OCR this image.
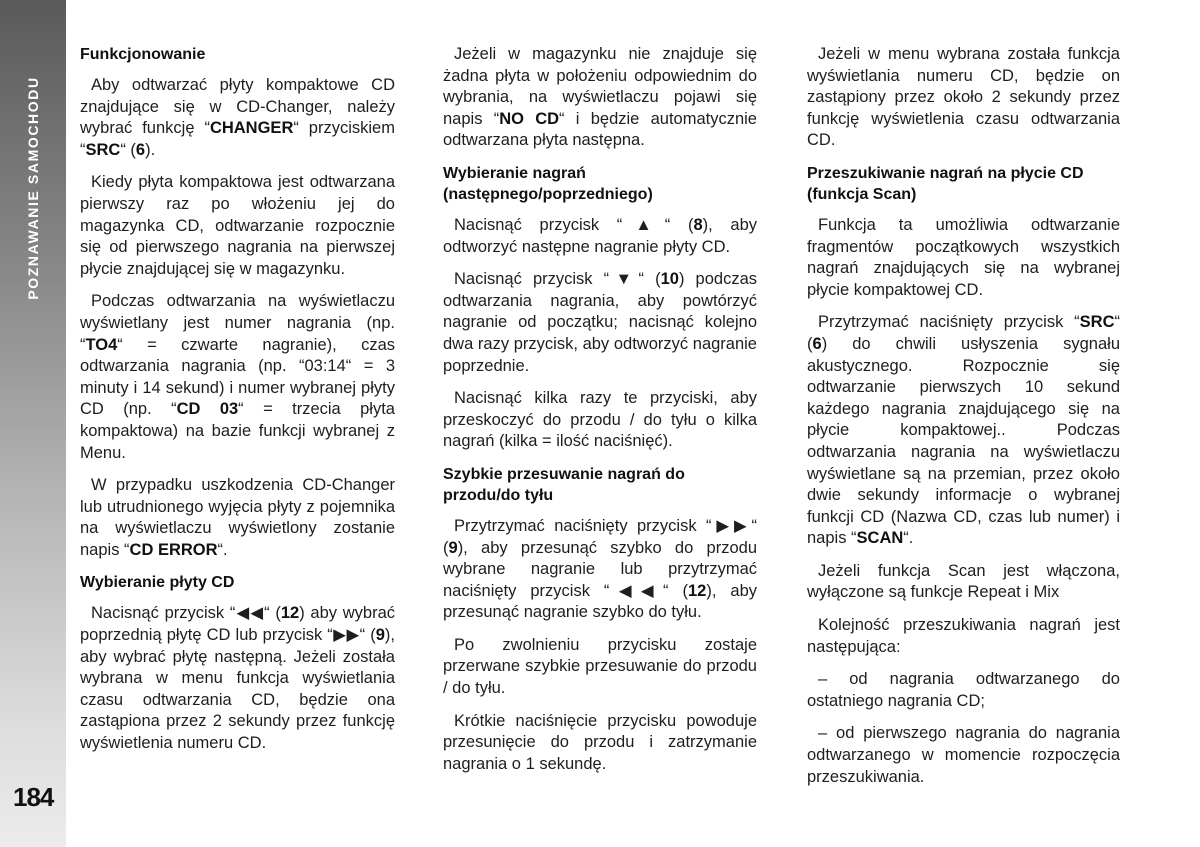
POZNAWANIE SAMOCHODU
184
Funkcjonowanie

Aby odtwarzać płyty kompaktowe CD znajdujące się w CD-Changer, należy wybrać funkcję “CHANGER“ przyciskiem “SRC“ (6).

Kiedy płyta kompaktowa jest odtwarzana pierwszy raz po włożeniu jej do magazynka CD, odtwarzanie rozpocznie się od pierwszego nagrania na pierwszej płycie znajdującej się w magazynku.

Podczas odtwarzania na wyświetlaczu wyświetlany jest numer nagrania (np. “TO4“ = czwarte nagranie), czas odtwarzania nagrania (np. “03:14“ = 3 minuty i 14 sekund) i numer wybranej płyty CD (np. “CD 03“ = trzecia płyta kompaktowa) na bazie funkcji wybranej z Menu.

W przypadku uszkodzenia CD-Changer lub utrudnionego wyjęcia płyty z pojemnika na wyświetlaczu wyświetlony zostanie napis “CD ERROR“.

Wybieranie płyty CD

Nacisnąć przycisk “◀◀“ (12) aby wybrać poprzednią płytę CD lub przycisk “▶▶“ (9), aby wybrać płytę następną. Jeżeli została wybrana w menu funkcja wyświetlania czasu odtwarzania CD, będzie ona zastąpiona przez 2 sekundy przez funkcję wyświetlenia numeru CD.

Jeżeli w magazynku nie znajduje się żadna płyta w położeniu odpowiednim do wybrania, na wyświetlaczu pojawi się napis “NO CD“ i będzie automatycznie odtwarzana płyta następna.

Wybieranie nagrań (następnego/poprzedniego)

Nacisnąć przycisk “▲“ (8), aby odtworzyć następne nagranie płyty CD.

Nacisnąć przycisk “▼“ (10) podczas odtwarzania nagrania, aby powtórzyć nagranie od początku; nacisnąć kolejno dwa razy przycisk, aby odtworzyć nagranie poprzednie.

Nacisnąć kilka razy te przyciski, aby przeskoczyć do przodu / do tyłu o kilka nagrań (kilka = ilość naciśnięć).

Szybkie przesuwanie nagrań do przodu/do tyłu

Przytrzymać naciśnięty przycisk “▶▶“ (9), aby przesunąć szybko do przodu wybrane nagranie lub przytrzymać naciśnięty przycisk “◀◀“ (12), aby przesunąć nagranie szybko do tyłu.

Po zwolnieniu przycisku zostaje przerwane szybkie przesuwanie do przodu / do tyłu.

Krótkie naciśnięcie przycisku powoduje przesunięcie do przodu i zatrzymanie nagrania o 1 sekundę.

Jeżeli w menu wybrana została funkcja wyświetlania numeru CD, będzie on zastąpiony przez około 2 sekundy przez funkcję wyświetlenia czasu odtwarzania CD.

Przeszukiwanie nagrań na płycie CD (funkcja Scan)

Funkcja ta umożliwia odtwarzanie fragmentów początkowych wszystkich nagrań znajdujących się na wybranej płycie kompaktowej CD.

Przytrzymać naciśnięty przycisk “SRC“ (6) do chwili usłyszenia sygnału akustycznego. Rozpocznie się odtwarzanie pierwszych 10 sekund każdego nagrania znajdującego się na płycie kompaktowej.. Podczas odtwarzania nagrania na wyświetlaczu wyświetlane są na przemian, przez około dwie sekundy informacje o wybranej funkcji CD (Nazwa CD, czas lub numer) i napis “SCAN“.

Jeżeli funkcja Scan jest włączona, wyłączone są funkcje Repeat i Mix

Kolejność przeszukiwania nagrań jest następująca:

– od nagrania odtwarzanego do ostatniego nagrania CD;

– od pierwszego nagrania do nagrania odtwarzanego w momencie rozpoczęcia przeszukiwania.
